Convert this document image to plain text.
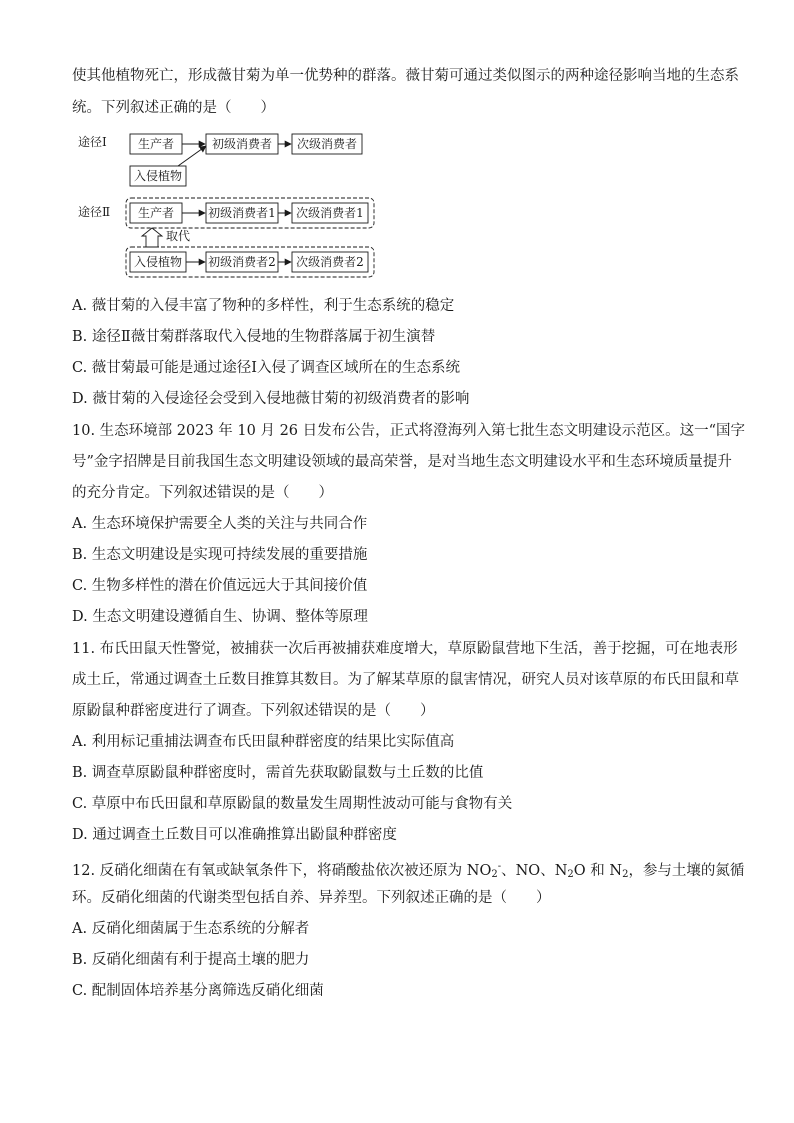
使其他植物死亡，形成薇甘菊为单一优势种的群落。薇甘菊可通过类似图示的两种途径影响当地的生态系
统。下列叙述正确的是（　　）
途径Ⅰ	生产者	初级消费者 次级消费者
入侵植物
途径Ⅱ 生产者	初级消费者1 次级消费者1
取代
入侵植物 初级消费者2 次级消费者2
A. 薇甘菊的入侵丰富了物种的多样性，利于生态系统的稳定
B. 途径Ⅱ薇甘菊群落取代入侵地的生物群落属于初生演替
C. 薇甘菊最可能是通过途径Ⅰ入侵了调查区域所在的生态系统
D. 薇甘菊的入侵途径会受到入侵地薇甘菊的初级消费者的影响
10. 生态环境部 2023 年 10 月 26 日发布公告，正式将澄海列入第七批生态文明建设示范区。这一“国字
号”金字招牌是目前我国生态文明建设领域的最高荣誉，是对当地生态文明建设水平和生态环境质量提升
的充分肯定。下列叙述错误的是（　　）
A. 生态环境保护需要全人类的关注与共同合作
B. 生态文明建设是实现可持续发展的重要措施
C. 生物多样性的潜在价值远远大于其间接价值
D. 生态文明建设遵循自生、协调、整体等原理
11. 布氏田鼠天性警觉，被捕获一次后再被捕获难度增大，草原鼢鼠营地下生活，善于挖掘，可在地表形
成土丘，常通过调查土丘数目推算其数目。为了解某草原的鼠害情况，研究人员对该草原的布氏田鼠和草
原鼢鼠种群密度进行了调查。下列叙述错误的是（　　）
A. 利用标记重捕法调查布氏田鼠种群密度的结果比实际值高
B. 调查草原鼢鼠种群密度时，需首先获取鼢鼠数与土丘数的比值
C. 草原中布氏田鼠和草原鼢鼠的数量发生周期性波动可能与食物有关
D. 通过调查土丘数目可以准确推算出鼢鼠种群密度
12. 反硝化细菌在有氧或缺氧条件下，将硝酸盐依次被还原为 $NO_2^-$、NO、$N_2O$ 和 $N_2$，参与土壤的氮循
环。反硝化细菌的代谢类型包括自养、异养型。下列叙述正确的是（　　）
A. 反硝化细菌属于生态系统的分解者
B. 反硝化细菌有利于提高土壤的肥力
C. 配制固体培养基分离筛选反硝化细菌
